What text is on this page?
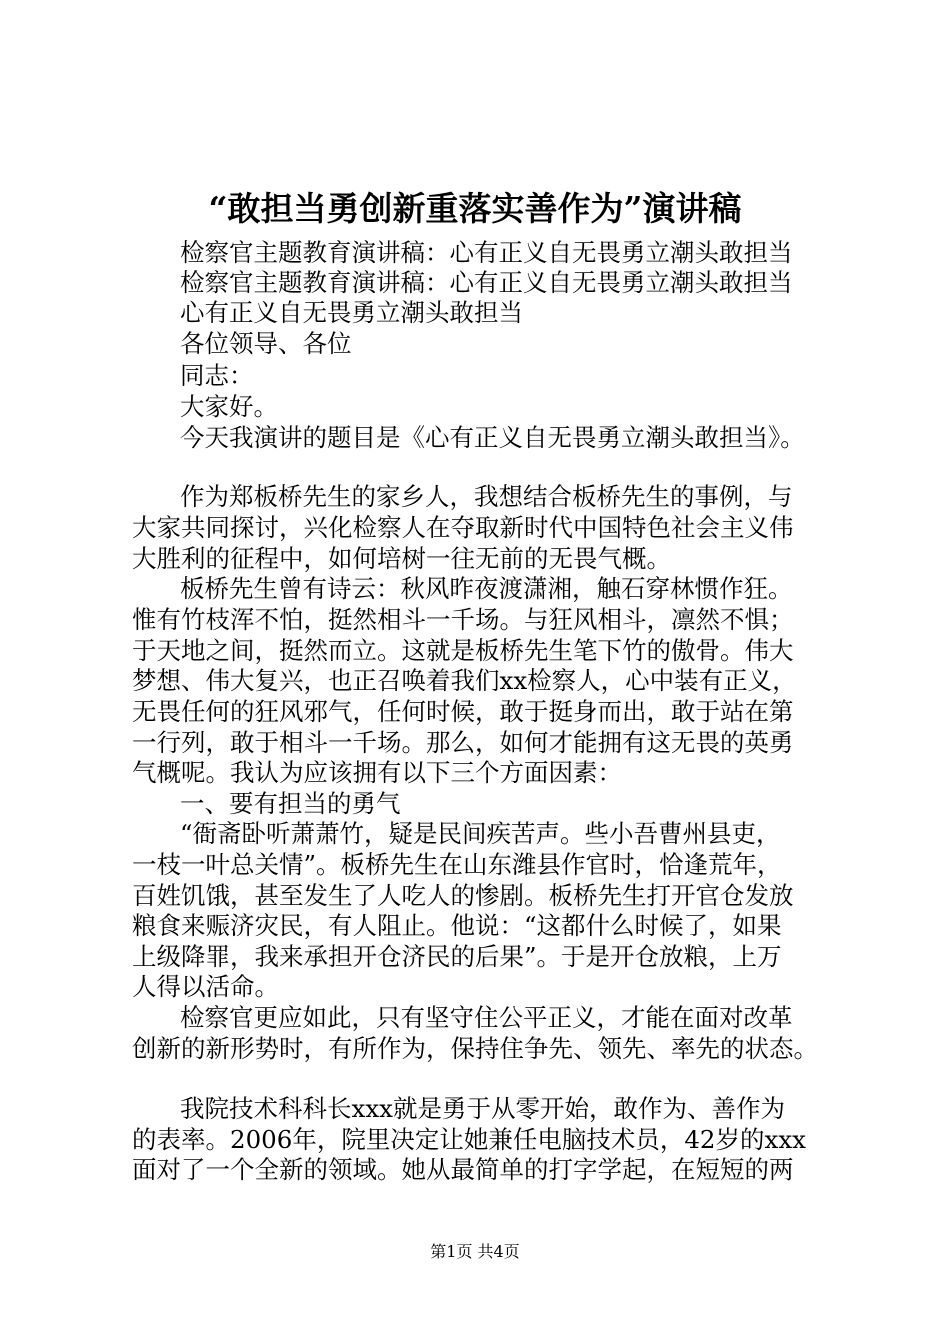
“敢担当勇创新重落实善作为”演讲稿
检察官主题教育演讲稿：心有正义自无畏勇立潮头敢担当
检察官主题教育演讲稿：心有正义自无畏勇立潮头敢担当
心有正义自无畏勇立潮头敢担当
各位领导、各位
同志：
大家好。
今天我演讲的题目是《心有正义自无畏勇立潮头敢担当》。
作为郑板桥先生的家乡人，我想结合板桥先生的事例，与
大家共同探讨，兴化检察人在夺取新时代中国特色社会主义伟
大胜利的征程中，如何培树一往无前的无畏气概。
板桥先生曾有诗云：秋风昨夜渡潇湘，触石穿林惯作狂。
惟有竹枝浑不怕，挺然相斗一千场。与狂风相斗，凛然不惧；
于天地之间，挺然而立。这就是板桥先生笔下竹的傲骨。伟大
梦想、伟大复兴，也正召唤着我们xx检察人，心中装有正义，
无畏任何的狂风邪气，任何时候，敢于挺身而出，敢于站在第
一行列，敢于相斗一千场。那么，如何才能拥有这无畏的英勇
气概呢。我认为应该拥有以下三个方面因素：
一、要有担当的勇气
“衙斋卧听萧萧竹，疑是民间疾苦声。些小吾曹州县吏，
一枝一叶总关情”。板桥先生在山东潍县作官时，恰逢荒年，
百姓饥饿，甚至发生了人吃人的惨剧。板桥先生打开官仓发放
粮食来赈济灾民，有人阻止。他说：“这都什么时候了，如果
上级降罪，我来承担开仓济民的后果”。于是开仓放粮，上万
人得以活命。
检察官更应如此，只有坚守住公平正义，才能在面对改革
创新的新形势时，有所作为，保持住争先、领先、率先的状态。
我院技术科科长xxx就是勇于从零开始，敢作为、善作为
的表率。2006年，院里决定让她兼任电脑技术员，42岁的xxx
面对了一个全新的领域。她从最简单的打字学起，在短短的两
第1页 共4页
